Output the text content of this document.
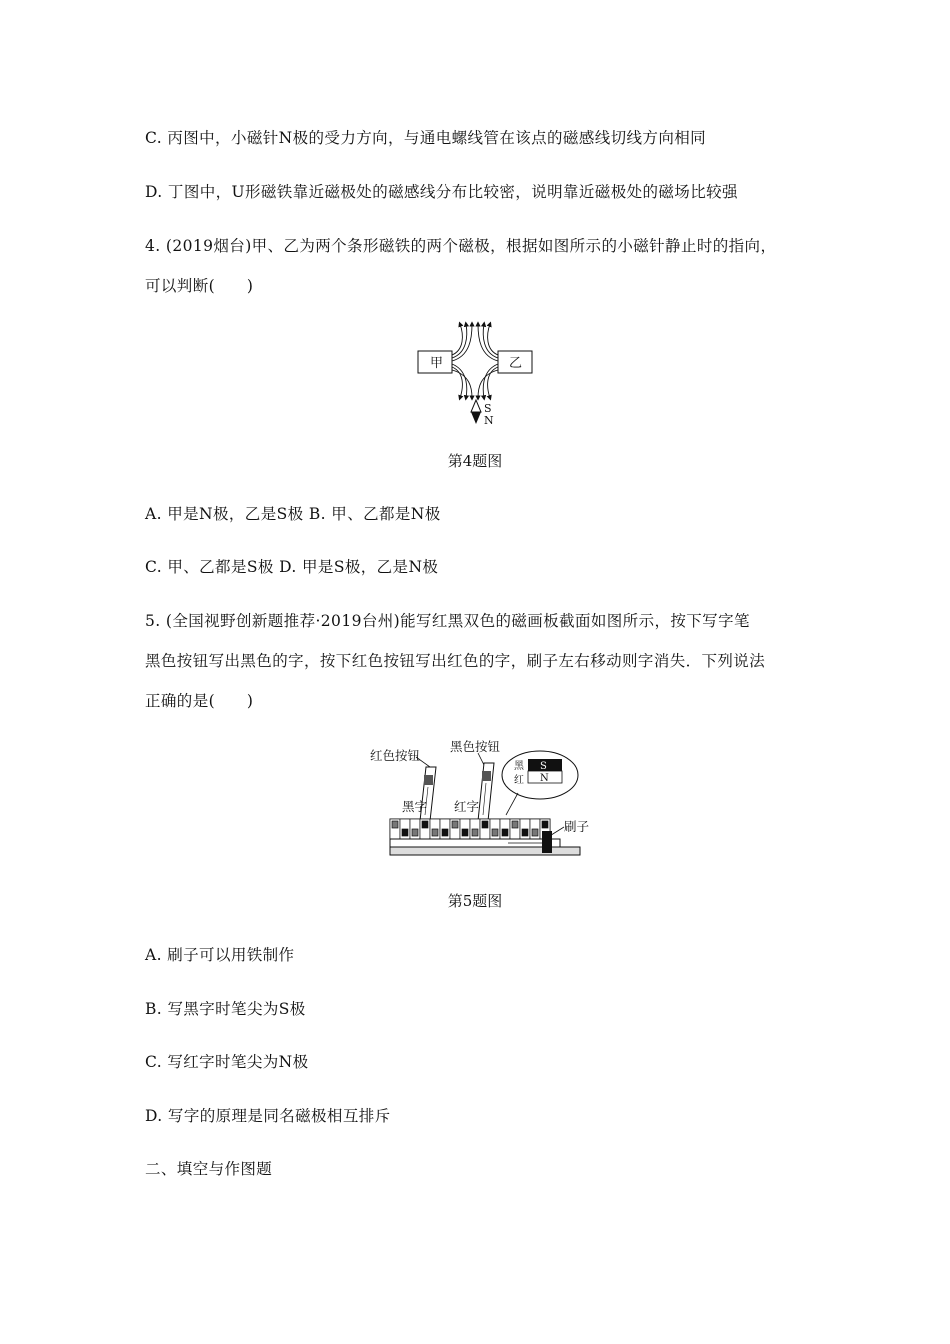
C. 丙图中，小磁针N极的受力方向，与通电螺线管在该点的磁感线切线方向相同
D. 丁图中，U形磁铁靠近磁极处的磁感线分布比较密，说明靠近磁极处的磁场比较强
4. (2019烟台)甲、乙为两个条形磁铁的两个磁极，根据如图所示的小磁针静止时的指向，
可以判断(　　)
甲	乙
S
N
第4题图
A. 甲是N极，乙是S极 B. 甲、乙都是N极
C. 甲、乙都是S极 D. 甲是S极，乙是N极
5. (全国视野创新题推荐·2019台州)能写红黑双色的磁画板截面如图所示，按下写字笔
黑色按钮写出黑色的字，按下红色按钮写出红色的字，刷子左右移动则字消失．下列说法
正确的是(　　)
红色按钮
黑色按钮
黑字 红字
黑
红
S
N
刷子
第5题图
A. 刷子可以用铁制作
B. 写黑字时笔尖为S极
C. 写红字时笔尖为N极
D. 写字的原理是同名磁极相互排斥
二、填空与作图题
